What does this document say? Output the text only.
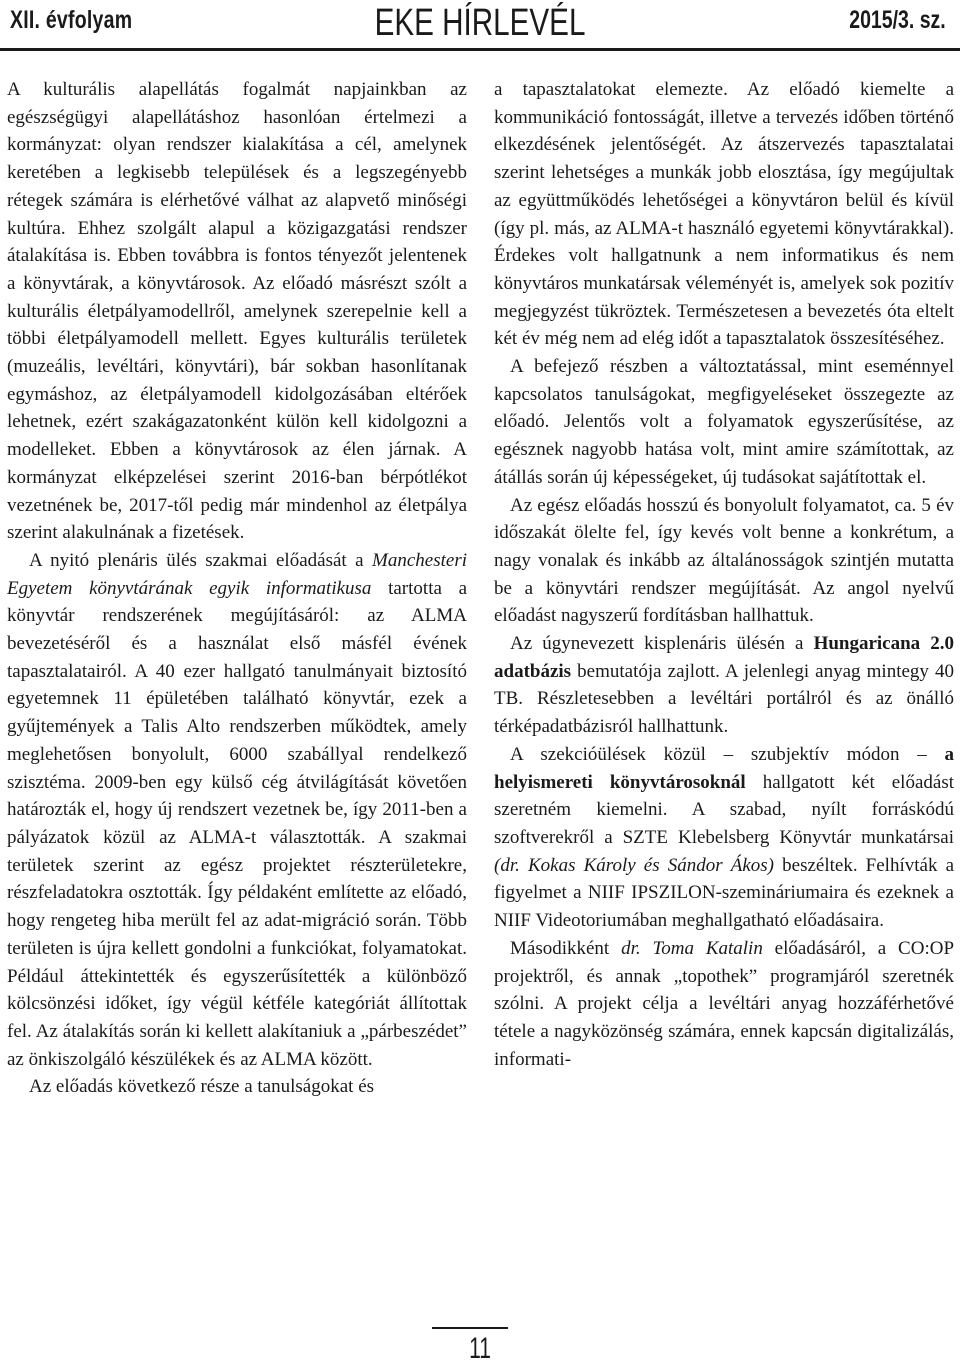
XII. évfolyam	EKE HÍRLEVÉL	2015/3. sz.

A kulturális alapellátás fogalmát napjainkban az egészségügyi alapellátáshoz hasonlóan értelmezi a kormányzat: olyan rendszer kialakítása a cél, amelynek keretében a legkisebb települések és a legszegényebb rétegek számára is elérhetővé válhat az alapvető minőségi kultúra. Ehhez szolgált alapul a közigazgatási rendszer átalakítása is. Ebben továbbra is fontos tényezőt jelentenek a könyvtárak, a könyvtárosok. Az előadó másrészt szólt a kulturális életpályamodellről, amelynek szerepelnie kell a többi életpályamodell mellett. Egyes kulturális területek (muzeális, levéltári, könyvtári), bár sokban hasonlítanak egymáshoz, az életpályamodell kidolgozásában eltérőek lehetnek, ezért szakágazatonként külön kell kidolgozni a modelleket. Ebben a könyvtárosok az élen járnak. A kormányzat elképzelései szerint 2016-ban bérpótlékot vezetnének be, 2017-től pedig már mindenhol az életpálya szerint alakulnának a fizetések.

A nyitó plenáris ülés szakmai előadását a Manchesteri Egyetem könyvtárának egyik informatikusa tartotta a könyvtár rendszerének megújításáról: az ALMA bevezetéséről és a használat első másfél évének tapasztalatairól. A 40 ezer hallgató tanulmányait biztosító egyetemnek 11 épületében található könyvtár, ezek a gyűjtemények a Talis Alto rendszerben működtek, amely meglehetősen bonyolult, 6000 szabállyal rendelkező szisztéma. 2009-ben egy külső cég átvilágítását követően határozták el, hogy új rendszert vezetnek be, így 2011-ben a pályázatok közül az ALMA-t választották. A szakmai területek szerint az egész projektet részterületekre, részfeladatokra osztották. Így példaként említette az előadó, hogy rengeteg hiba merült fel az adat-migráció során. Több területen is újra kellett gondolni a funkciókat, folyamatokat. Például áttekintették és egyszerűsítették a különböző kölcsönzési időket, így végül kétféle kategóriát állítottak fel. Az átalakítás során ki kellett alakítaniuk a „párbeszédet” az önkiszolgáló készülékek és az ALMA között.

Az előadás következő része a tanulságokat és

a tapasztalatokat elemezte. Az előadó kiemelte a kommunikáció fontosságát, illetve a tervezés időben történő elkezdésének jelentőségét. Az átszervezés tapasztalatai szerint lehetséges a munkák jobb elosztása, így megújultak az együttműködés lehetőségei a könyvtáron belül és kívül (így pl. más, az ALMA-t használó egyetemi könyvtárakkal). Érdekes volt hallgatnunk a nem informatikus és nem könyvtáros munkatársak véleményét is, amelyek sok pozitív megjegyzést tükröztek. Természetesen a bevezetés óta eltelt két év még nem ad elég időt a tapasztalatok összesítéséhez.

A befejező részben a változtatással, mint eseménnyel kapcsolatos tanulságokat, megfigyeléseket összegezte az előadó. Jelentős volt a folyamatok egyszerűsítése, az egésznek nagyobb hatása volt, mint amire számítottak, az átállás során új képességeket, új tudásokat sajátítottak el.

Az egész előadás hosszú és bonyolult folyamatot, ca. 5 év időszakát ölelte fel, így kevés volt benne a konkrétum, a nagy vonalak és inkább az általánosságok szintjén mutatta be a könyvtári rendszer megújítását. Az angol nyelvű előadást nagyszerű fordításban hallhattuk.

Az úgynevezett kisplenáris ülésén a Hungaricana 2.0 adatbázis bemutatója zajlott. A jelenlegi anyag mintegy 40 TB. Részletesebben a levéltári portálról és az önálló térképadatbázisról hallhattunk.

A szekcióülések közül – szubjektív módon – a helyismereti könyvtárosoknál hallgatott két előadást szeretném kiemelni. A szabad, nyílt forráskódú szoftverekről a SZTE Klebelsberg Könyvtár munkatársai (dr. Kokas Károly és Sándor Ákos) beszéltek. Felhívták a figyelmet a NIIF IPSZILON-szemináriumaira és ezeknek a NIIF Videotoriumában meghallgatható előadásaira.

Másodikként dr. Toma Katalin előadásáról, a CO:OP projektről, és annak „topothek” programjáról szeretnék szólni. A projekt célja a levéltári anyag hozzáférhetővé tétele a nagyközönség számára, ennek kapcsán digitalizálás, informati-

11
